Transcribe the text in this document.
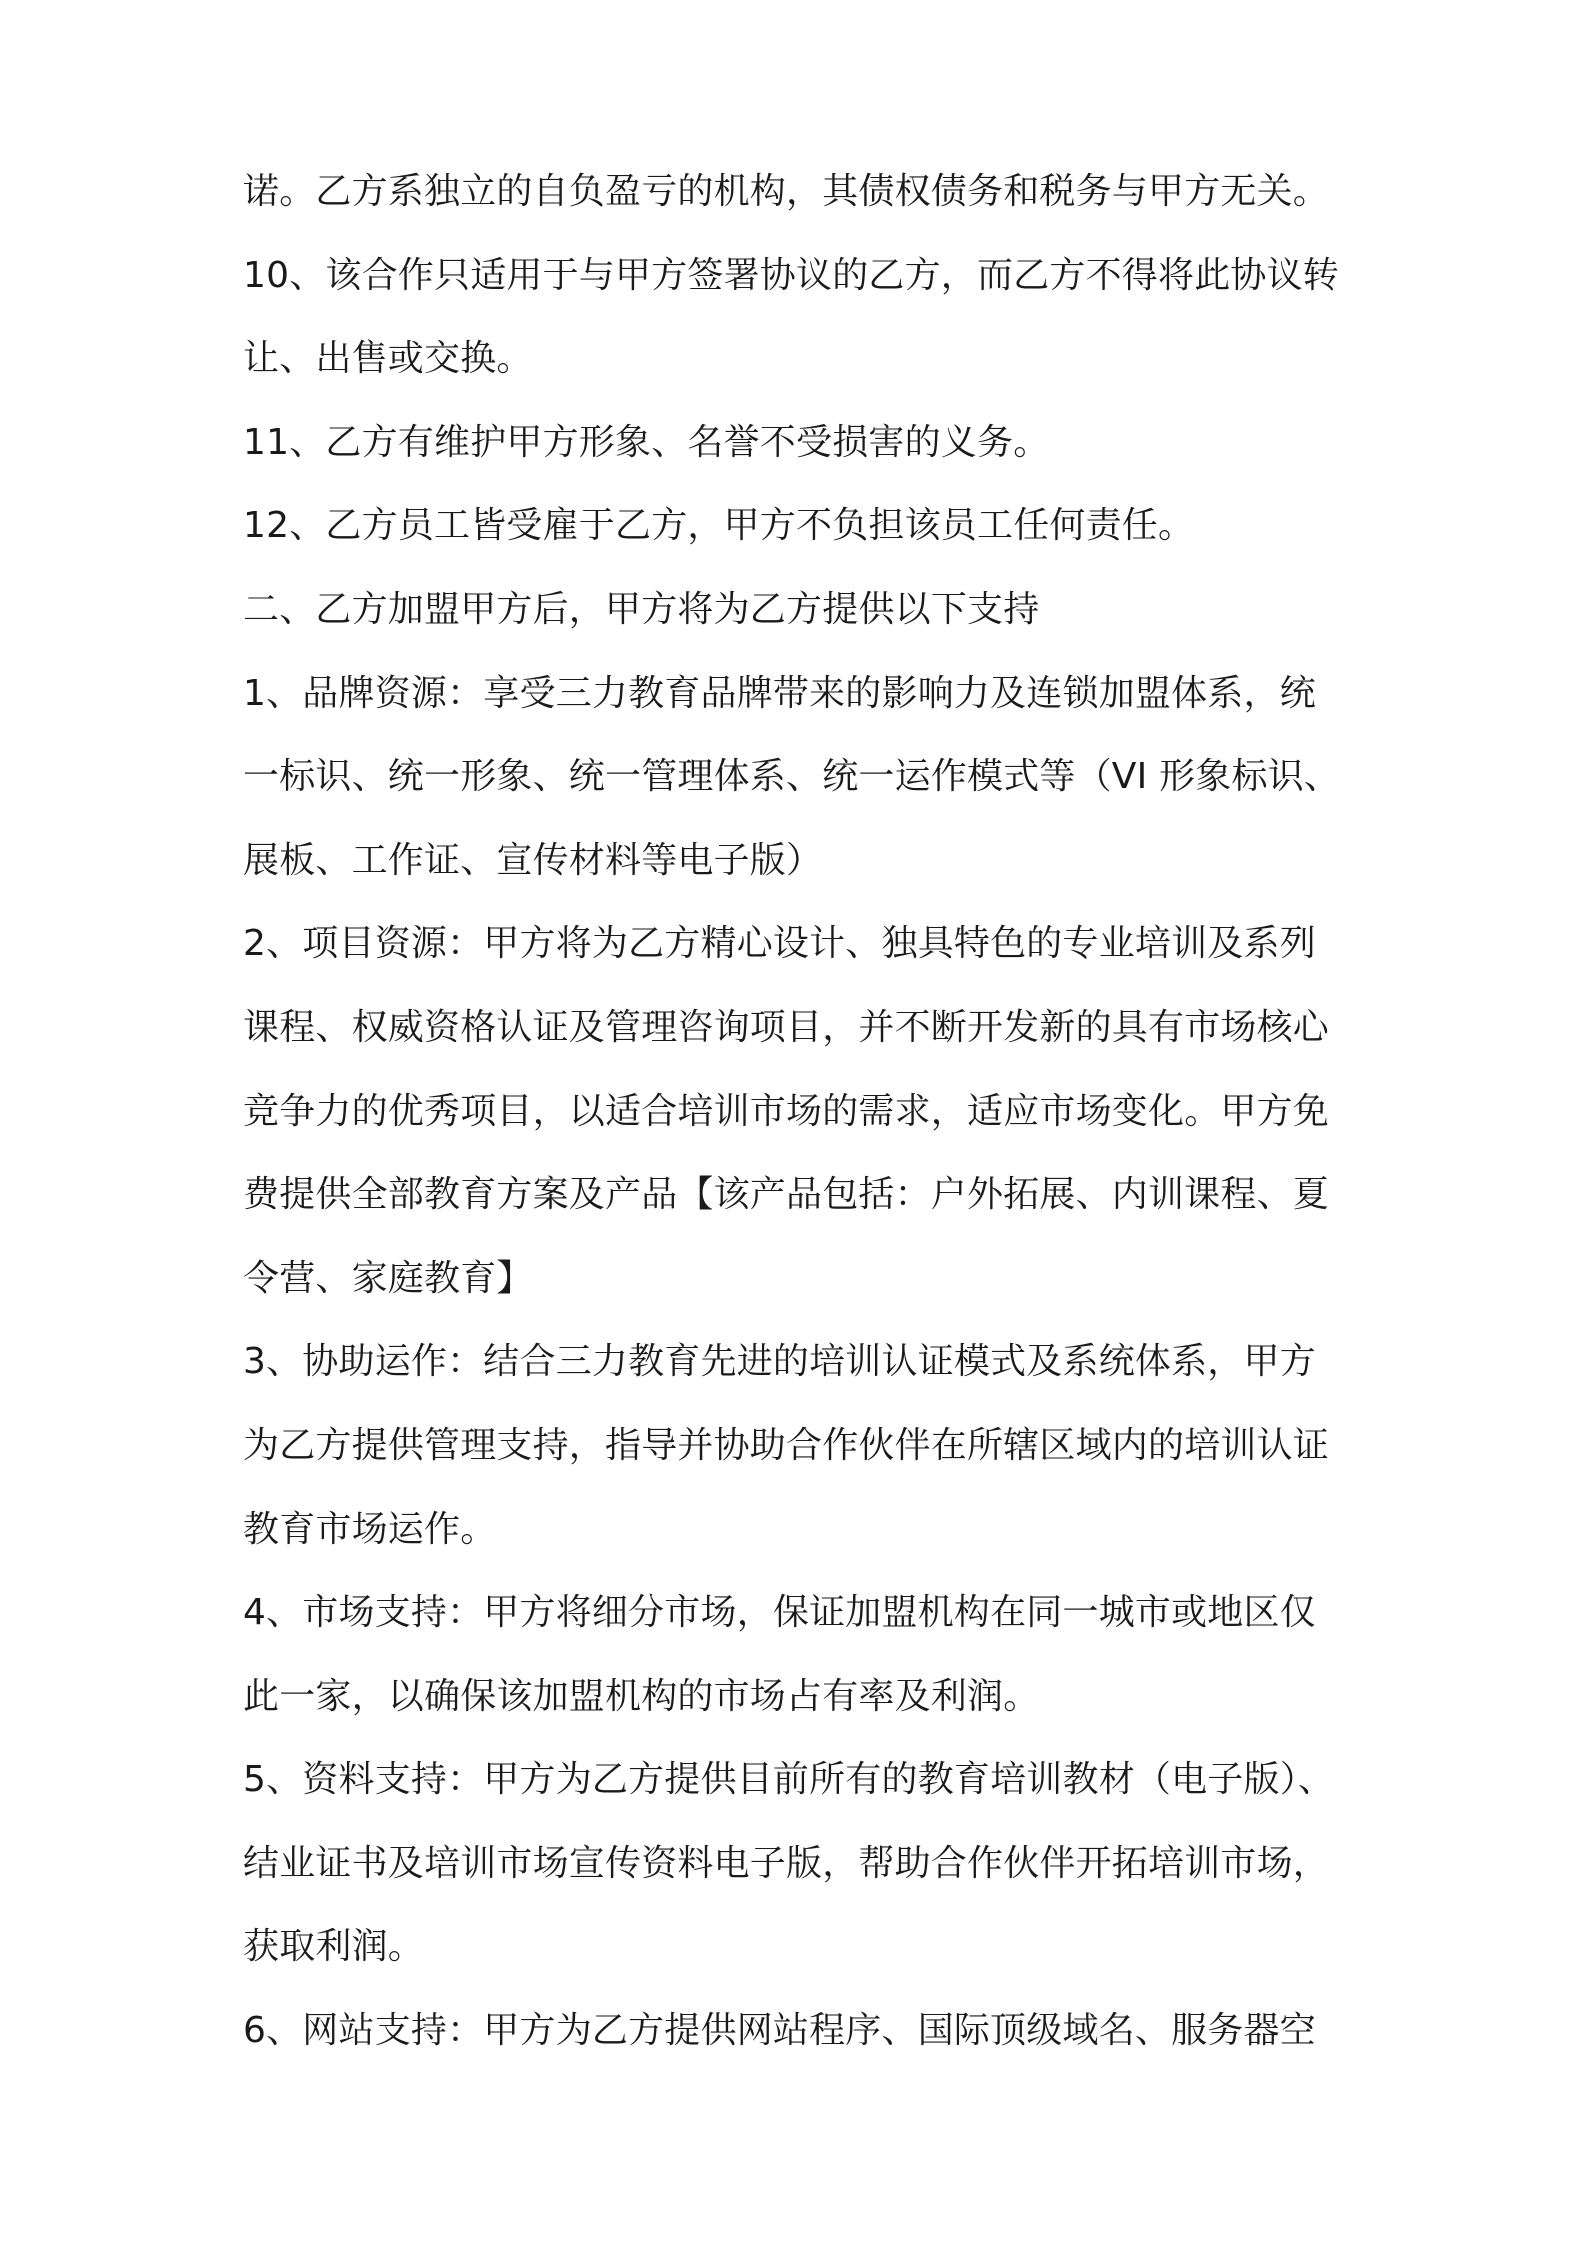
诺。乙方系独立的自负盈亏的机构，其债权债务和税务与甲方无关。
10、该合作只适用于与甲方签署协议的乙方，而乙方不得将此协议转
让、出售或交换。
11、乙方有维护甲方形象、名誉不受损害的义务。
12、乙方员工皆受雇于乙方，甲方不负担该员工任何责任。
二、乙方加盟甲方后，甲方将为乙方提供以下支持
1、品牌资源：享受三力教育品牌带来的影响力及连锁加盟体系，统
一标识、统一形象、统一管理体系、统一运作模式等（VI 形象标识、
展板、工作证、宣传材料等电子版）
2、项目资源：甲方将为乙方精心设计、独具特色的专业培训及系列
课程、权威资格认证及管理咨询项目，并不断开发新的具有市场核心
竞争力的优秀项目，以适合培训市场的需求，适应市场变化。甲方免
费提供全部教育方案及产品【该产品包括：户外拓展、内训课程、夏
令营、家庭教育】
3、协助运作：结合三力教育先进的培训认证模式及系统体系，甲方
为乙方提供管理支持，指导并协助合作伙伴在所辖区域内的培训认证
教育市场运作。
4、市场支持：甲方将细分市场，保证加盟机构在同一城市或地区仅
此一家，以确保该加盟机构的市场占有率及利润。
5、资料支持：甲方为乙方提供目前所有的教育培训教材（电子版）、
结业证书及培训市场宣传资料电子版，帮助合作伙伴开拓培训市场，
获取利润。
6、网站支持：甲方为乙方提供网站程序、国际顶级域名、服务器空
